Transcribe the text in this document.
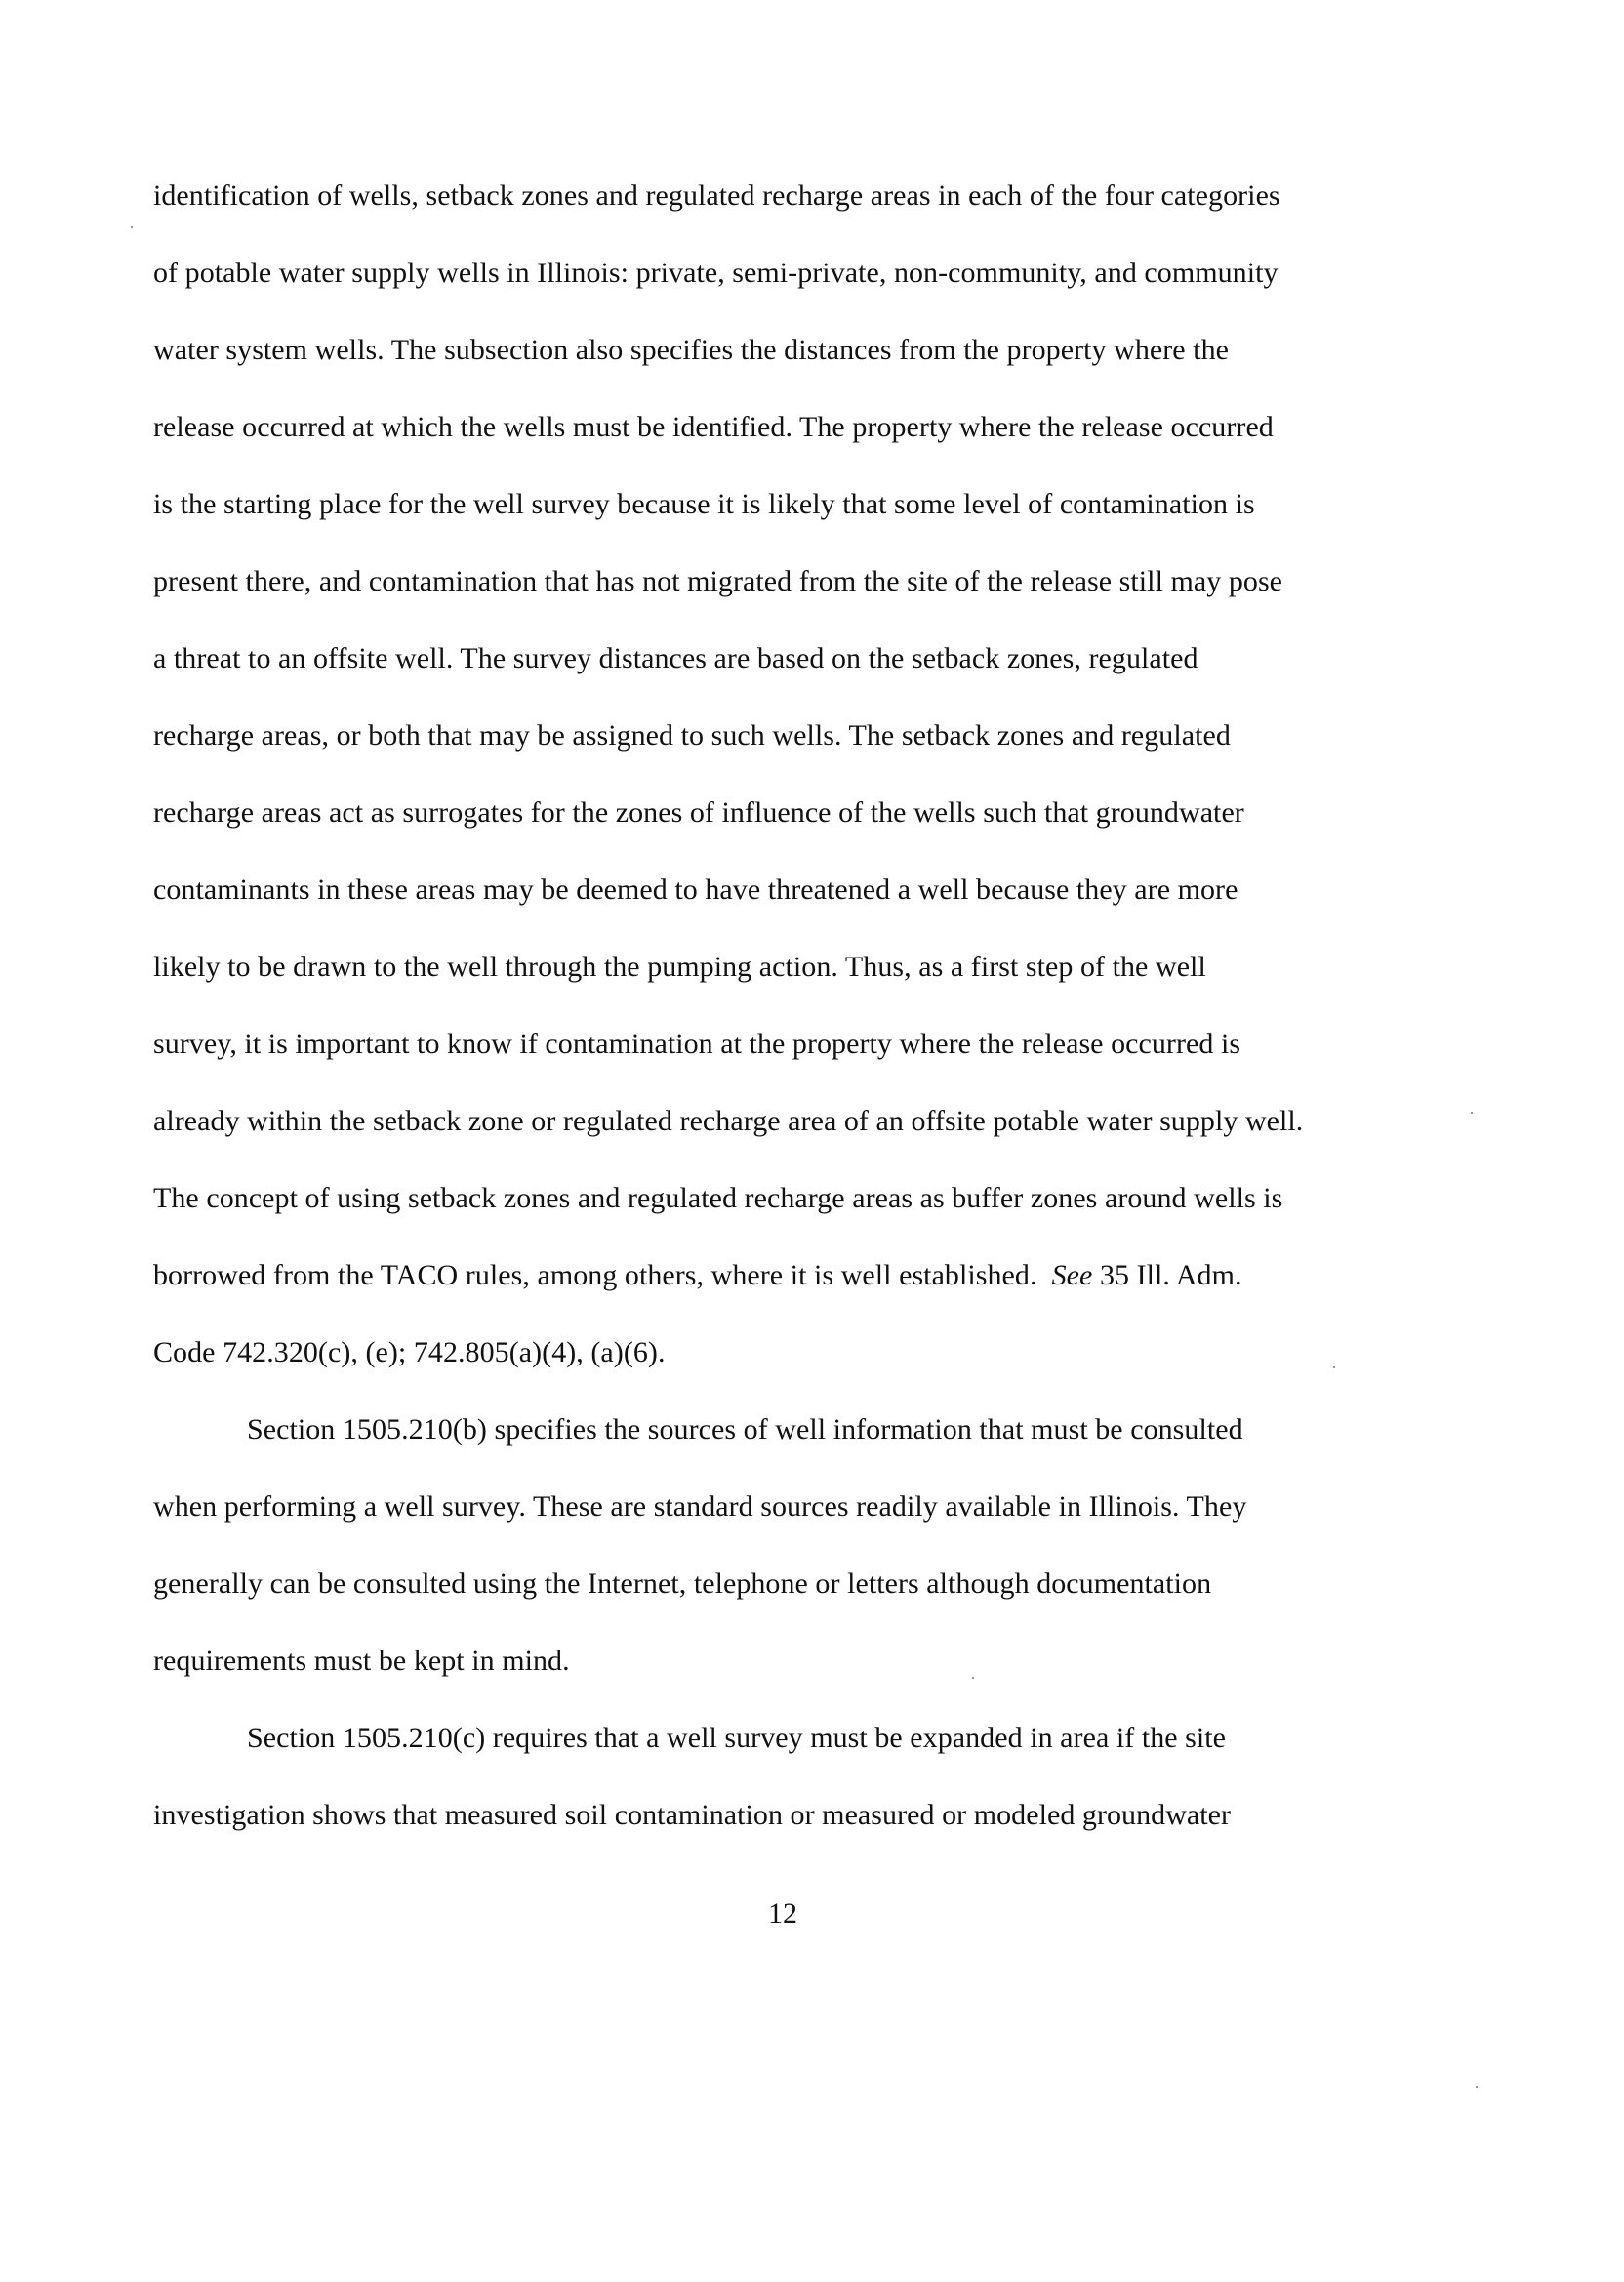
identification of wells, setback zones and regulated recharge areas in each of the four categories
of potable water supply wells in Illinois: private, semi-private, non-community, and community
water system wells. The subsection also specifies the distances from the property where the
release occurred at which the wells must be identified. The property where the release occurred
is the starting place for the well survey because it is likely that some level of contamination is
present there, and contamination that has not migrated from the site of the release still may pose
a threat to an offsite well. The survey distances are based on the setback zones, regulated
recharge areas, or both that may be assigned to such wells. The setback zones and regulated
recharge areas act as surrogates for the zones of influence of the wells such that groundwater
contaminants in these areas may be deemed to have threatened a well because they are more
likely to be drawn to the well through the pumping action. Thus, as a first step of the well
survey, it is important to know if contamination at the property where the release occurred is
already within the setback zone or regulated recharge area of an offsite potable water supply well.
The concept of using setback zones and regulated recharge areas as buffer zones around wells is
borrowed from the TACO rules, among others, where it is well established. See 35 Ill. Adm.
Code 742.320(c), (e); 742.805(a)(4), (a)(6).
Section 1505.210(b) specifies the sources of well information that must be consulted
when performing a well survey. These are standard sources readily available in Illinois. They
generally can be consulted using the Internet, telephone or letters although documentation
requirements must be kept in mind.
Section 1505.210(c) requires that a well survey must be expanded in area if the site
investigation shows that measured soil contamination or measured or modeled groundwater
12
